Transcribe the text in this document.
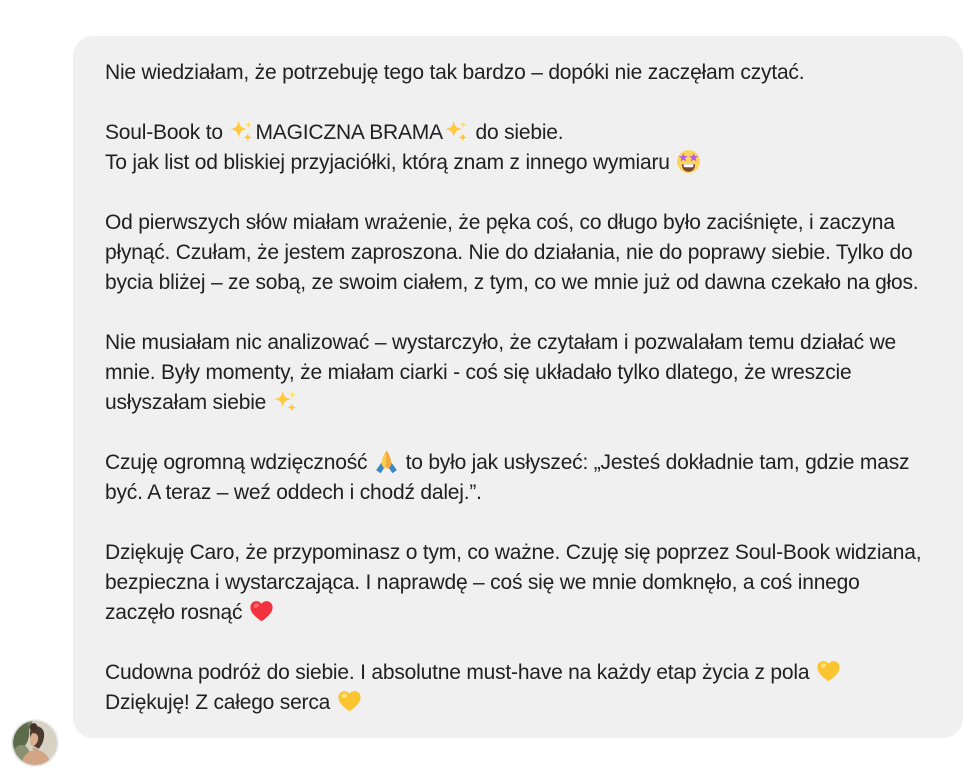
Nie wiedziałam, że potrzebuję tego tak bardzo – dopóki nie zaczęłam czytać.

Soul-Book to
MAGICZNA BRAMA
do siebie.
To jak list od bliskiej przyjaciółki, którą znam z innego wymiaru

Od pierwszych słów miałam wrażenie, że pęka coś, co długo było zaciśnięte, i zaczyna płynąć. Czułam, że jestem zaproszona. Nie do działania, nie do poprawy siebie. Tylko do bycia bliżej – ze sobą, ze swoim ciałem, z tym, co we mnie już od dawna czekało na głos.

Nie musiałam nic analizować – wystarczyło, że czytałam i pozwalałam temu działać we mnie. Były momenty, że miałam ciarki - coś się układało tylko dlatego, że wreszcie usłyszałam siebie

Czuję ogromną wdzięczność
to było jak usłyszeć: „Jesteś dokładnie tam, gdzie masz być. A teraz – weź oddech i chodź dalej.”.

Dziękuję Caro, że przypominasz o tym, co ważne. Czuję się poprzez Soul-Book widziana, bezpieczna i wystarczająca. I naprawdę – coś się we mnie domknęło, a coś innego zaczęło rosnąć

Cudowna podróż do siebie. I absolutne must-have na każdy etap życia z pola
Dziękuję! Z całego serca
